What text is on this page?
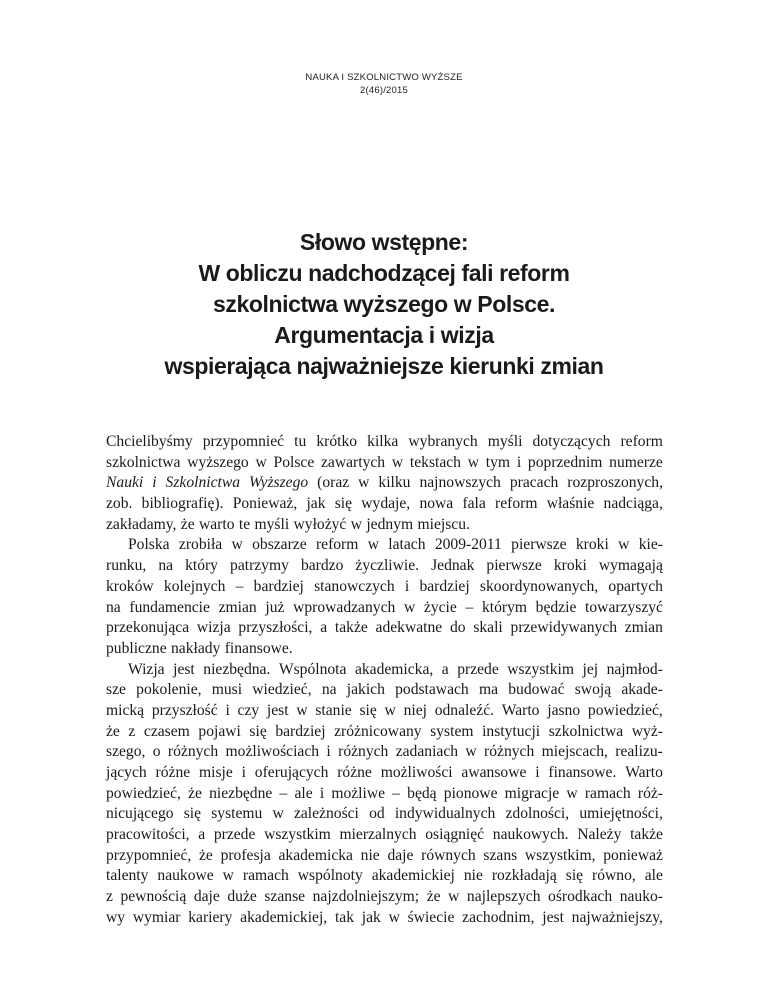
NAUKA I SZKOLNICTWO WYŻSZE
2(46)/2015
Słowo wstępne:
W obliczu nadchodzącej fali reform
szkolnictwa wyższego w Polsce.
Argumentacja i wizja
wspierająca najważniejsze kierunki zmian
Chcielibyśmy przypomnieć tu krótko kilka wybranych myśli dotyczących reform
szkolnictwa wyższego w Polsce zawartych w tekstach w tym i poprzednim numerze
Nauki i Szkolnictwa Wyższego (oraz w kilku najnowszych pracach rozproszonych,
zob. bibliografię). Ponieważ, jak się wydaje, nowa fala reform właśnie nadciąga,
zakładamy, że warto te myśli wyłożyć w jednym miejscu.
Polska zrobiła w obszarze reform w latach 2009-2011 pierwsze kroki w kie-
runku, na który patrzymy bardzo życzliwie. Jednak pierwsze kroki wymagają
kroków kolejnych – bardziej stanowczych i bardziej skoordynowanych, opartych
na fundamencie zmian już wprowadzanych w życie – którym będzie towarzyszyć
przekonująca wizja przyszłości, a także adekwatne do skali przewidywanych zmian
publiczne nakłady finansowe.
Wizja jest niezbędna. Wspólnota akademicka, a przede wszystkim jej najmłod-
sze pokolenie, musi wiedzieć, na jakich podstawach ma budować swoją akade-
micką przyszłość i czy jest w stanie się w niej odnaleźć. Warto jasno powiedzieć,
że z czasem pojawi się bardziej zróżnicowany system instytucji szkolnictwa wyż-
szego, o różnych możliwościach i różnych zadaniach w różnych miejscach, realizu-
jących różne misje i oferujących różne możliwości awansowe i finansowe. Warto
powiedzieć, że niezbędne – ale i możliwe – będą pionowe migracje w ramach róż-
nicującego się systemu w zależności od indywidualnych zdolności, umiejętności,
pracowitości, a przede wszystkim mierzalnych osiągnięć naukowych. Należy także
przypomnieć, że profesja akademicka nie daje równych szans wszystkim, ponieważ
talenty naukowe w ramach wspólnoty akademickiej nie rozkładają się równo, ale
z pewnością daje duże szanse najzdolniejszym; że w najlepszych ośrodkach nauko-
wy wymiar kariery akademickiej, tak jak w świecie zachodnim, jest najważniejszy,
